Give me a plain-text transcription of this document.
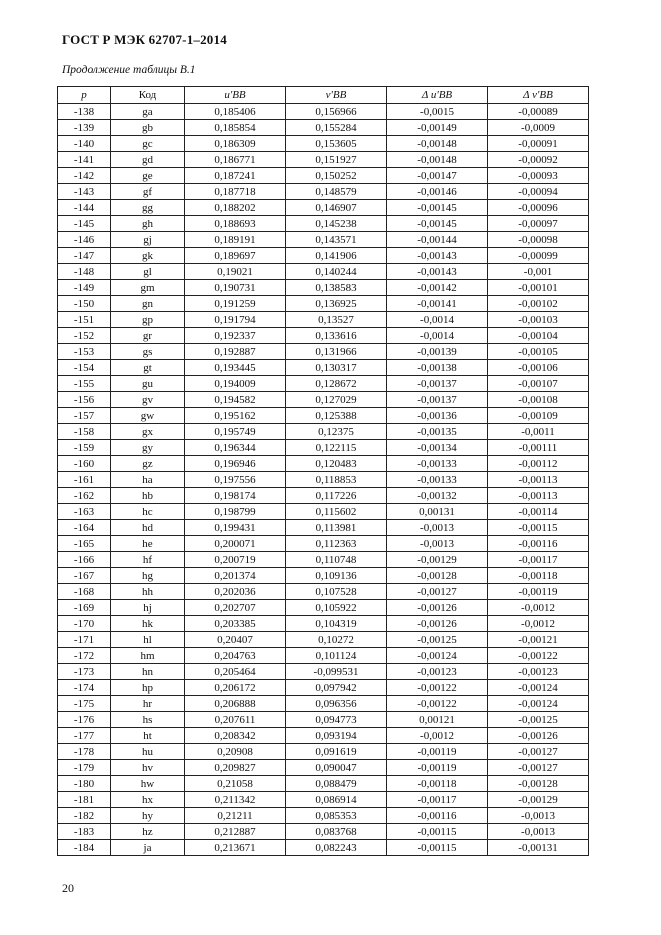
ГОСТ Р МЭК 62707-1–2014
Продолжение таблицы В.1
p	Код	u'BB	v'BB	Δ u'BB	Δ v'BB
-138	ga	0,185406	0,156966	-0,0015	-0,00089
-139	gb	0,185854	0,155284	-0,00149	-0,0009
-140	gc	0,186309	0,153605	-0,00148	-0,00091
-141	gd	0,186771	0,151927	-0,00148	-0,00092
-142	ge	0,187241	0,150252	-0,00147	-0,00093
-143	gf	0,187718	0,148579	-0,00146	-0,00094
-144	gg	0,188202	0,146907	-0,00145	-0,00096
-145	gh	0,188693	0,145238	-0,00145	-0,00097
-146	gj	0,189191	0,143571	-0,00144	-0,00098
-147	gk	0,189697	0,141906	-0,00143	-0,00099
-148	gl	0,19021	0,140244	-0,00143	-0,001
-149	gm	0,190731	0,138583	-0,00142	-0,00101
-150	gn	0,191259	0,136925	-0,00141	-0,00102
-151	gp	0,191794	0,13527	-0,0014	-0,00103
-152	gr	0,192337	0,133616	-0,0014	-0,00104
-153	gs	0,192887	0,131966	-0,00139	-0,00105
-154	gt	0,193445	0,130317	-0,00138	-0,00106
-155	gu	0,194009	0,128672	-0,00137	-0,00107
-156	gv	0,194582	0,127029	-0,00137	-0,00108
-157	gw	0,195162	0,125388	-0,00136	-0,00109
-158	gx	0,195749	0,12375	-0,00135	-0,0011
-159	gy	0,196344	0,122115	-0,00134	-0,00111
-160	gz	0,196946	0,120483	-0,00133	-0,00112
-161	ha	0,197556	0,118853	-0,00133	-0,00113
-162	hb	0,198174	0,117226	-0,00132	-0,00113
-163	hc	0,198799	0,115602	0,00131	-0,00114
-164	hd	0,199431	0,113981	-0,0013	-0,00115
-165	he	0,200071	0,112363	-0,0013	-0,00116
-166	hf	0,200719	0,110748	-0,00129	-0,00117
-167	hg	0,201374	0,109136	-0,00128	-0,00118
-168	hh	0,202036	0,107528	-0,00127	-0,00119
-169	hj	0,202707	0,105922	-0,00126	-0,0012
-170	hk	0,203385	0,104319	-0,00126	-0,0012
-171	hl	0,20407	0,10272	-0,00125	-0,00121
-172	hm	0,204763	0,101124	-0,00124	-0,00122
-173	hn	0,205464	-0,099531	-0,00123	-0,00123
-174	hp	0,206172	0,097942	-0,00122	-0,00124
-175	hr	0,206888	0,096356	-0,00122	-0,00124
-176	hs	0,207611	0,094773	0,00121	-0,00125
-177	ht	0,208342	0,093194	-0,0012	-0,00126
-178	hu	0,20908	0,091619	-0,00119	-0,00127
-179	hv	0,209827	0,090047	-0,00119	-0,00127
-180	hw	0,21058	0,088479	-0,00118	-0,00128
-181	hx	0,211342	0,086914	-0,00117	-0,00129
-182	hy	0,21211	0,085353	-0,00116	-0,0013
-183	hz	0,212887	0,083768	-0,00115	-0,0013
-184	ja	0,213671	0,082243	-0,00115	-0,00131
20
